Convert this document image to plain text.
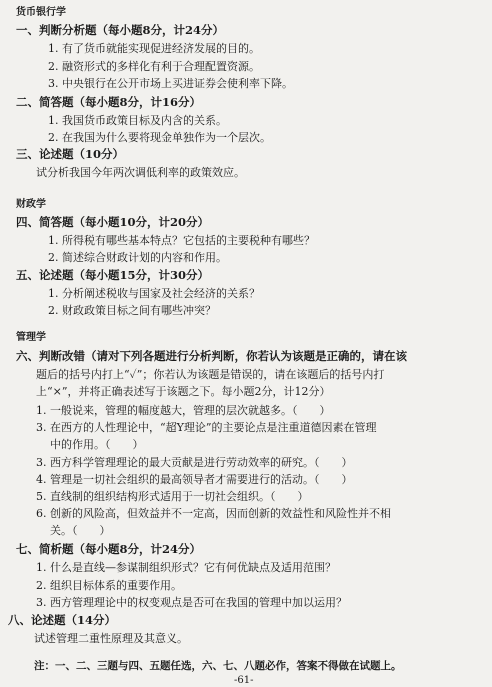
货币银行学
一、判断分析题（每小题8分，计24分）
1. 有了货币就能实现促进经济发展的目的。
2. 融资形式的多样化有利于合理配置资源。
3. 中央银行在公开市场上买进证券会使利率下降。
二、简答题（每小题8分，计16分）
1. 我国货币政策目标及内含的关系。
2. 在我国为什么要将现金单独作为一个层次。
三、论述题（10分）
试分析我国今年两次调低利率的政策效应。
财政学
四、简答题（每小题10分，计20分）
1. 所得税有哪些基本特点？它包括的主要税种有哪些？
2. 简述综合财政计划的内容和作用。
五、论述题（每小题15分，计30分）
1. 分析阐述税收与国家及社会经济的关系？
2. 财政政策目标之间有哪些冲突？
管理学
六、判断改错（请对下列各题进行分析判断，你若认为该题是正确的，请在该
题后的括号内打上“✓”；你若认为该题是错误的，请在该题后的括号内打
上“×”，并将正确表述写于该题之下。每小题2分，计12分）
1. 一般说来，管理的幅度越大，管理的层次就越多。（　　）
3. 在西方的人性理论中，“超Y理论”的主要论点是注重道德因素在管理
中的作用。（　　）
3. 西方科学管理理论的最大贡献是进行劳动效率的研究。（　　）
4. 管理是一切社会组织的最高领导者才需要进行的活动。（　　）
5. 直线制的组织结构形式适用于一切社会组织。（　　）
6. 创新的风险高，但效益并不一定高，因而创新的效益性和风险性并不相
关。（　　）
七、简析题（每小题8分，计24分）
1. 什么是直线—参谋制组织形式？它有何优缺点及适用范围？
2. 组织目标体系的重要作用。
3. 西方管理理论中的权变观点是否可在我国的管理中加以运用？
八、论述题（14分）
试述管理二重性原理及其意义。
注：一、二、三题与四、五题任选，六、七、八题必作，答案不得做在试题上。
-61-
